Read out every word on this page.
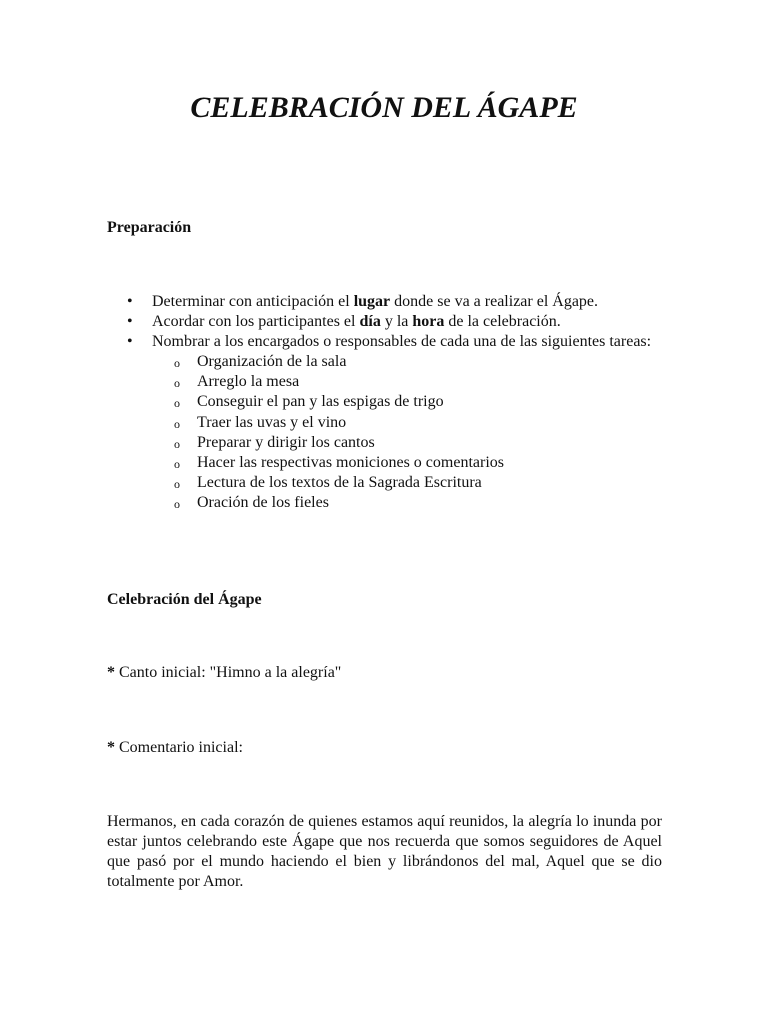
CELEBRACIÓN DEL ÁGAPE
Preparación
• Determinar con anticipación el lugar donde se va a realizar el Ágape.
• Acordar con los participantes el día y la hora de la celebración.
• Nombrar a los encargados o responsables de cada una de las siguientes tareas:
o Organización de la sala
o Arreglo la mesa
o Conseguir el pan y las espigas de trigo
o Traer las uvas y el vino
o Preparar y dirigir los cantos
o Hacer las respectivas moniciones o comentarios
o Lectura de los textos de la Sagrada Escritura
o Oración de los fieles
Celebración del Ágape
* Canto inicial: "Himno a la alegría"
* Comentario inicial:
Hermanos, en cada corazón de quienes estamos aquí reunidos, la alegría lo inunda por estar juntos celebrando este Ágape que nos recuerda que somos seguidores de Aquel que pasó por el mundo haciendo el bien y librándonos del mal, Aquel que se dio totalmente por Amor.
